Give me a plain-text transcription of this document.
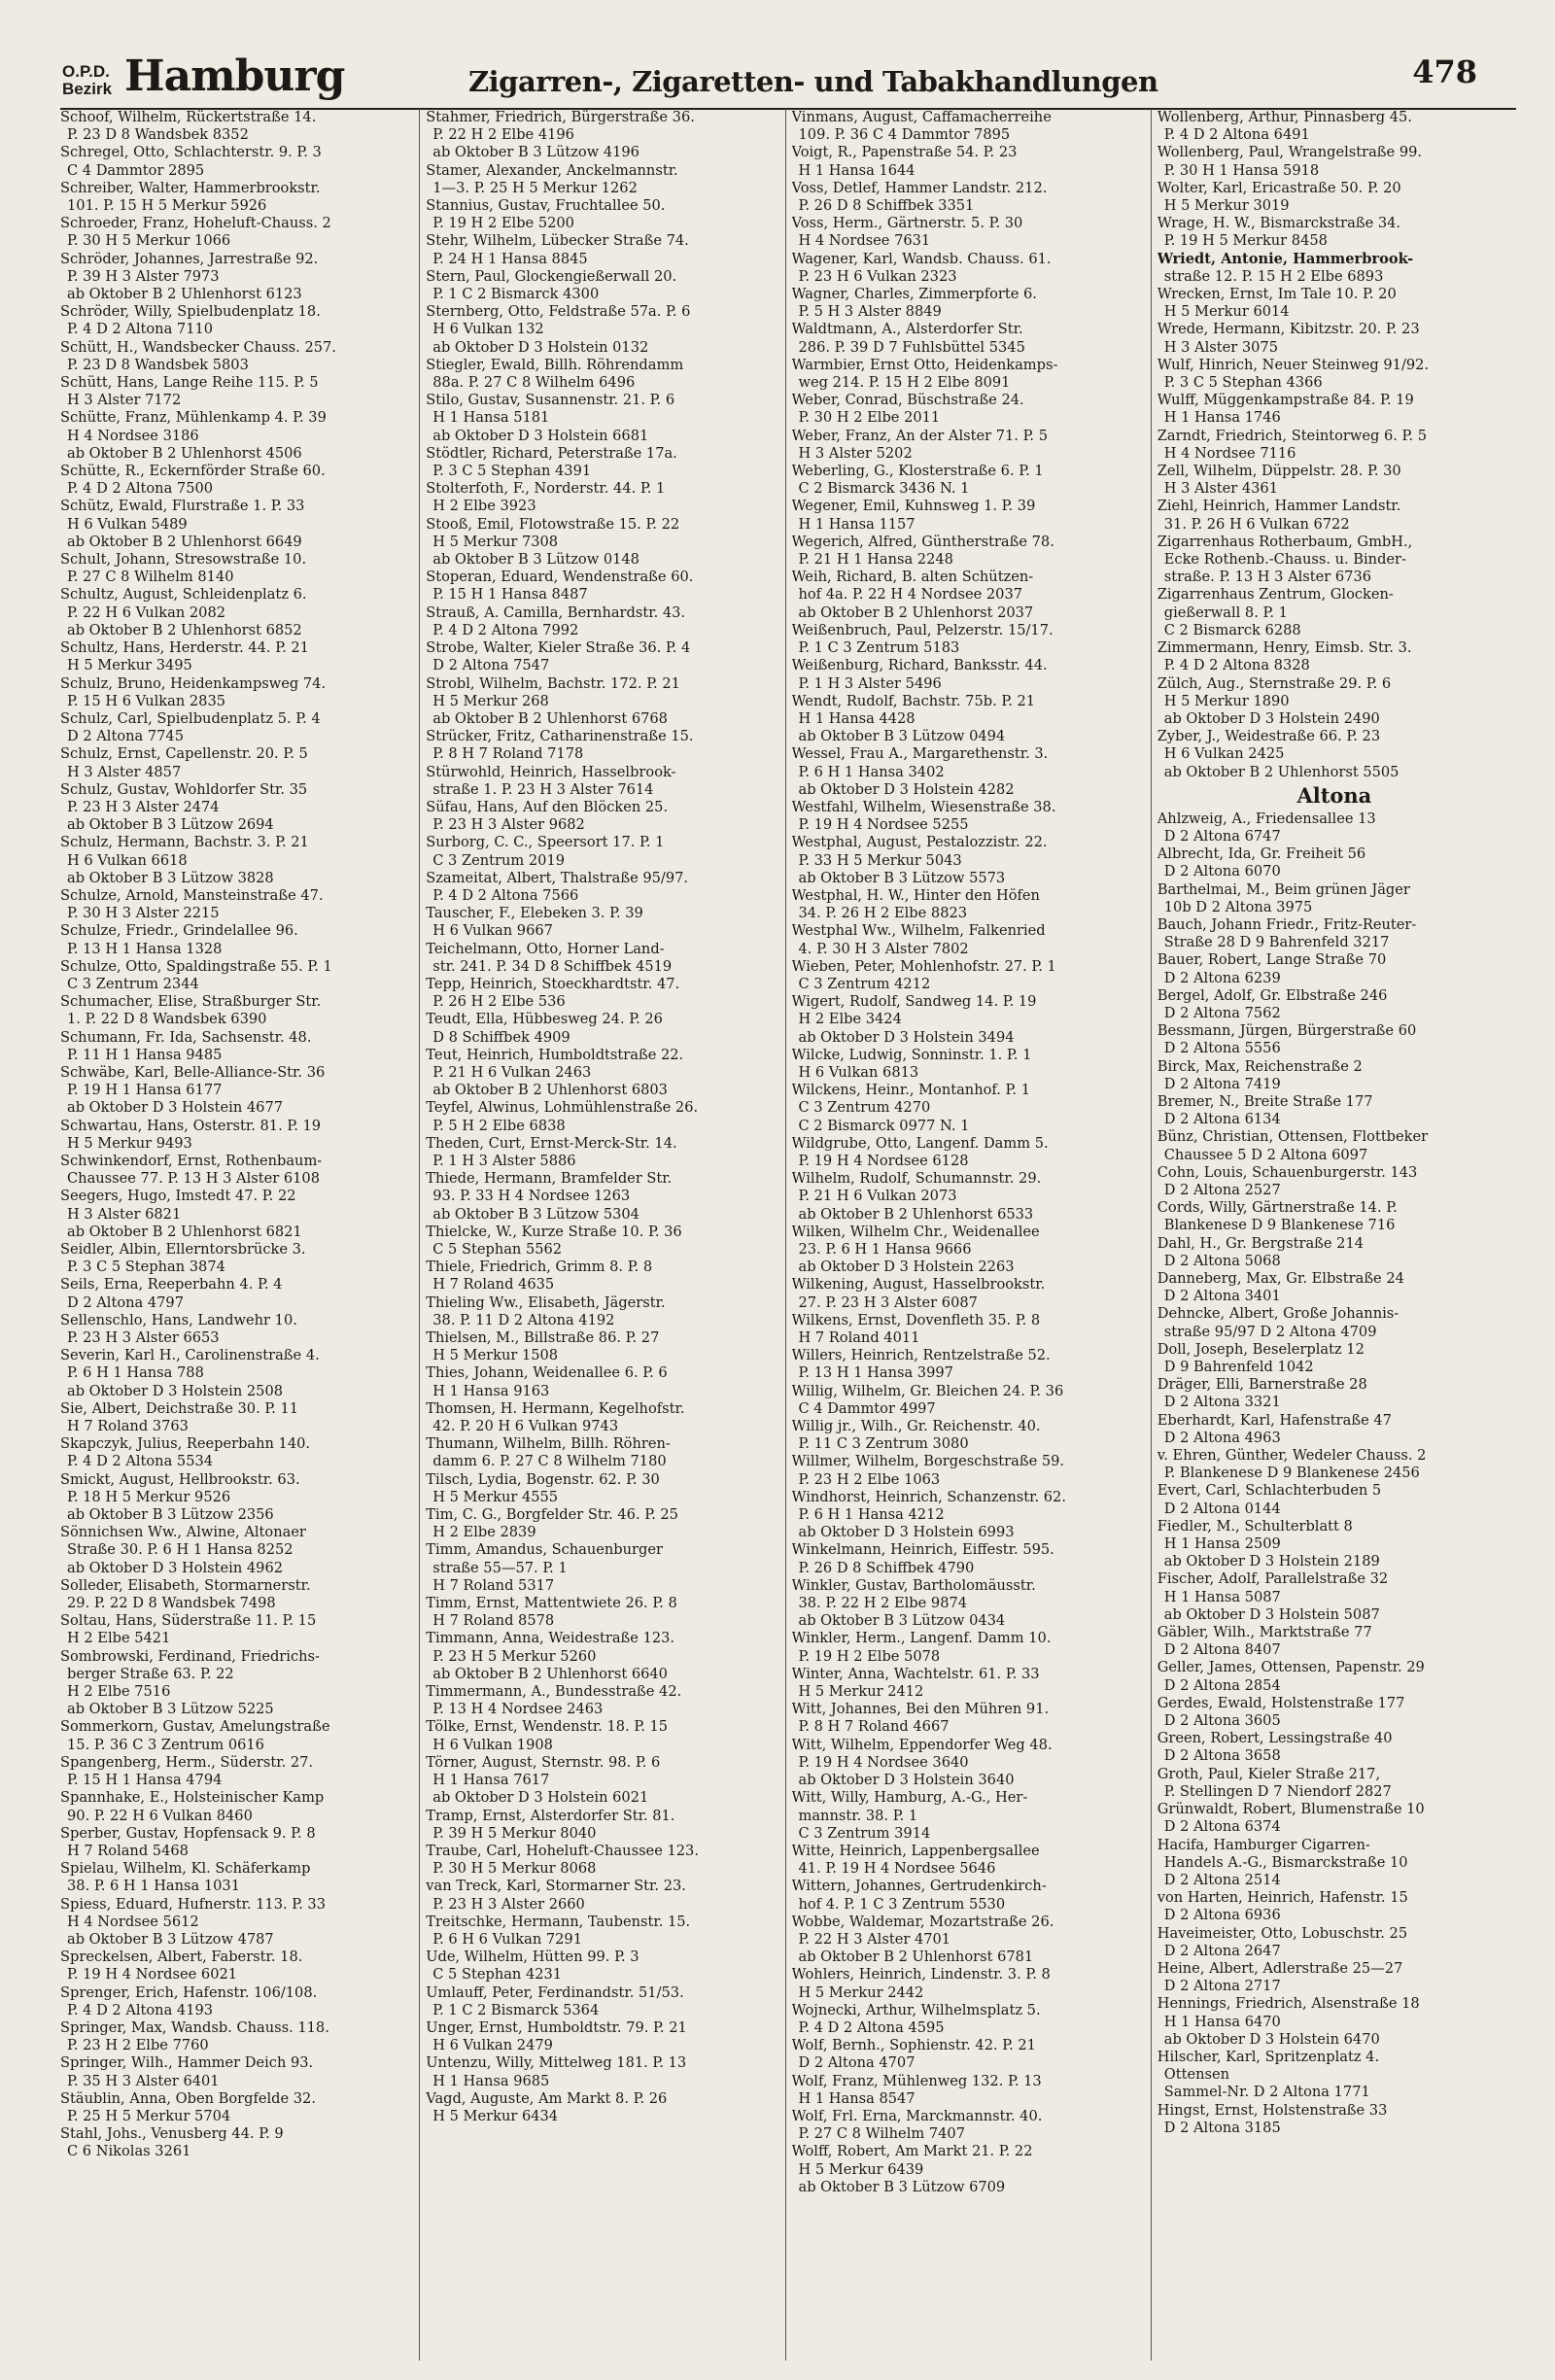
O.P.D.
Bezirk Hamburg	Zigarren-, Zigaretten- und Tabakhandlungen	478
Schoof, Wilhelm, Rückertstraße 14.
P. 23 D 8 Wandsbek 8352
Schregel, Otto, Schlachterstr. 9. P. 3
C 4 Dammtor 2895
Schreiber, Walter, Hammerbrookstr.
101. P. 15 H 5 Merkur 5926
Schroeder, Franz, Hoheluft-Chauss. 2
P. 30 H 5 Merkur 1066
Schröder, Johannes, Jarrestraße 92.
P. 39 H 3 Alster 7973
ab Oktober B 2 Uhlenhorst 6123
Schröder, Willy, Spielbudenplatz 18.
P. 4 D 2 Altona 7110
Schütt, H., Wandsbecker Chauss. 257.
P. 23 D 8 Wandsbek 5803
Schütt, Hans, Lange Reihe 115. P. 5
H 3 Alster 7172
Schütte, Franz, Mühlenkamp 4. P. 39
H 4 Nordsee 3186
ab Oktober B 2 Uhlenhorst 4506
Schütte, R., Eckernförder Straße 60.
P. 4 D 2 Altona 7500
Schütz, Ewald, Flurstraße 1. P. 33
H 6 Vulkan 5489
ab Oktober B 2 Uhlenhorst 6649
Schult, Johann, Stresowstraße 10.
P. 27 C 8 Wilhelm 8140
Schultz, August, Schleidenplatz 6.
P. 22 H 6 Vulkan 2082
ab Oktober B 2 Uhlenhorst 6852
Schultz, Hans, Herderstr. 44. P. 21
H 5 Merkur 3495
Schulz, Bruno, Heidenkampsweg 74.
P. 15 H 6 Vulkan 2835
Schulz, Carl, Spielbudenplatz 5. P. 4
D 2 Altona 7745
Schulz, Ernst, Capellenstr. 20. P. 5
H 3 Alster 4857
Schulz, Gustav, Wohldorfer Str. 35
P. 23 H 3 Alster 2474
ab Oktober B 3 Lützow 2694
Schulz, Hermann, Bachstr. 3. P. 21
H 6 Vulkan 6618
ab Oktober B 3 Lützow 3828
Schulze, Arnold, Mansteinstraße 47.
P. 30 H 3 Alster 2215
Schulze, Friedr., Grindelallee 96.
P. 13 H 1 Hansa 1328
Schulze, Otto, Spaldingstraße 55. P. 1
C 3 Zentrum 2344
Schumacher, Elise, Straßburger Str.
1. P. 22 D 8 Wandsbek 6390
Schumann, Fr. Ida, Sachsenstr. 48.
P. 11 H 1 Hansa 9485
Schwäbe, Karl, Belle-Alliance-Str. 36
P. 19 H 1 Hansa 6177
ab Oktober D 3 Holstein 4677
Schwartau, Hans, Osterstr. 81. P. 19
H 5 Merkur 9493
Schwinkendorf, Ernst, Rothenbaum-
Chaussee 77. P. 13 H 3 Alster 6108
Seegers, Hugo, Imstedt 47. P. 22
H 3 Alster 6821
ab Oktober B 2 Uhlenhorst 6821
Seidler, Albin, Ellerntorsbrücke 3.
P. 3 C 5 Stephan 3874
Seils, Erna, Reeperbahn 4. P. 4
D 2 Altona 4797
Sellenschlo, Hans, Landwehr 10.
P. 23 H 3 Alster 6653
Severin, Karl H., Carolinenstraße 4.
P. 6 H 1 Hansa 788
ab Oktober D 3 Holstein 2508
Sie, Albert, Deichstraße 30. P. 11
H 7 Roland 3763
Skapczyk, Julius, Reeperbahn 140.
P. 4 D 2 Altona 5534
Smickt, August, Hellbrookstr. 63.
P. 18 H 5 Merkur 9526
ab Oktober B 3 Lützow 2356
Sönnichsen Ww., Alwine, Altonaer
Straße 30. P. 6 H 1 Hansa 8252
ab Oktober D 3 Holstein 4962
Solleder, Elisabeth, Stormarnerstr.
29. P. 22 D 8 Wandsbek 7498
Soltau, Hans, Süderstraße 11. P. 15
H 2 Elbe 5421
Sombrowski, Ferdinand, Friedrichs-
berger Straße 63. P. 22
H 2 Elbe 7516
ab Oktober B 3 Lützow 5225
Sommerkorn, Gustav, Amelungstraße
15. P. 36 C 3 Zentrum 0616
Spangenberg, Herm., Süderstr. 27.
P. 15 H 1 Hansa 4794
Spannhake, E., Holsteinischer Kamp
90. P. 22 H 6 Vulkan 8460
Sperber, Gustav, Hopfensack 9. P. 8
H 7 Roland 5468
Spielau, Wilhelm, Kl. Schäferkamp
38. P. 6 H 1 Hansa 1031
Spiess, Eduard, Hufnerstr. 113. P. 33
H 4 Nordsee 5612
ab Oktober B 3 Lützow 4787
Spreckelsen, Albert, Faberstr. 18.
P. 19 H 4 Nordsee 6021
Sprenger, Erich, Hafenstr. 106/108.
P. 4 D 2 Altona 4193
Springer, Max, Wandsb. Chauss. 118.
P. 23 H 2 Elbe 7760
Springer, Wilh., Hammer Deich 93.
P. 35 H 3 Alster 6401
Stäublin, Anna, Oben Borgfelde 32.
P. 25 H 5 Merkur 5704
Stahl, Johs., Venusberg 44. P. 9
C 6 Nikolas 3261
Stahmer, Friedrich, Bürgerstraße 36.
P. 22 H 2 Elbe 4196
ab Oktober B 3 Lützow 4196
Stamer, Alexander, Anckelmannstr.
1—3. P. 25 H 5 Merkur 1262
Stannius, Gustav, Fruchtallee 50.
P. 19 H 2 Elbe 5200
Stehr, Wilhelm, Lübecker Straße 74.
P. 24 H 1 Hansa 8845
Stern, Paul, Glockengießerwall 20.
P. 1 C 2 Bismarck 4300
Sternberg, Otto, Feldstraße 57a. P. 6
H 6 Vulkan 132
ab Oktober D 3 Holstein 0132
Stiegler, Ewald, Billh. Röhrendamm
88a. P. 27 C 8 Wilhelm 6496
Stilo, Gustav, Susannenstr. 21. P. 6
H 1 Hansa 5181
ab Oktober D 3 Holstein 6681
Stödtler, Richard, Peterstraße 17a.
P. 3 C 5 Stephan 4391
Stolterfoth, F., Norderstr. 44. P. 1
H 2 Elbe 3923
Stooß, Emil, Flotowstraße 15. P. 22
H 5 Merkur 7308
ab Oktober B 3 Lützow 0148
Stoperan, Eduard, Wendenstraße 60.
P. 15 H 1 Hansa 8487
Strauß, A. Camilla, Bernhardstr. 43.
P. 4 D 2 Altona 7992
Strobe, Walter, Kieler Straße 36. P. 4
D 2 Altona 7547
Strobl, Wilhelm, Bachstr. 172. P. 21
H 5 Merkur 268
ab Oktober B 2 Uhlenhorst 6768
Strücker, Fritz, Catharinenstraße 15.
P. 8 H 7 Roland 7178
Stürwohld, Heinrich, Hasselbrook-
straße 1. P. 23 H 3 Alster 7614
Süfau, Hans, Auf den Blöcken 25.
P. 23 H 3 Alster 9682
Surborg, C. C., Speersort 17. P. 1
C 3 Zentrum 2019
Szameitat, Albert, Thalstraße 95/97.
P. 4 D 2 Altona 7566
Tauscher, F., Elebeken 3. P. 39
H 6 Vulkan 9667
Teichelmann, Otto, Horner Land-
str. 241. P. 34 D 8 Schiffbek 4519
Tepp, Heinrich, Stoeckhardtstr. 47.
P. 26 H 2 Elbe 536
Teudt, Ella, Hübbesweg 24. P. 26
D 8 Schiffbek 4909
Teut, Heinrich, Humboldtstraße 22.
P. 21 H 6 Vulkan 2463
ab Oktober B 2 Uhlenhorst 6803
Teyfel, Alwinus, Lohmühlenstraße 26.
P. 5 H 2 Elbe 6838
Theden, Curt, Ernst-Merck-Str. 14.
P. 1 H 3 Alster 5886
Thiede, Hermann, Bramfelder Str.
93. P. 33 H 4 Nordsee 1263
ab Oktober B 3 Lützow 5304
Thielcke, W., Kurze Straße 10. P. 36
C 5 Stephan 5562
Thiele, Friedrich, Grimm 8. P. 8
H 7 Roland 4635
Thieling Ww., Elisabeth, Jägerstr.
38. P. 11 D 2 Altona 4192
Thielsen, M., Billstraße 86. P. 27
H 5 Merkur 1508
Thies, Johann, Weidenallee 6. P. 6
H 1 Hansa 9163
Thomsen, H. Hermann, Kegelhofstr.
42. P. 20 H 6 Vulkan 9743
Thumann, Wilhelm, Billh. Röhren-
damm 6. P. 27 C 8 Wilhelm 7180
Tilsch, Lydia, Bogenstr. 62. P. 30
H 5 Merkur 4555
Tim, C. G., Borgfelder Str. 46. P. 25
H 2 Elbe 2839
Timm, Amandus, Schauenburger
straße 55—57. P. 1
H 7 Roland 5317
Timm, Ernst, Mattentwiete 26. P. 8
H 7 Roland 8578
Timmann, Anna, Weidestraße 123.
P. 23 H 5 Merkur 5260
ab Oktober B 2 Uhlenhorst 6640
Timmermann, A., Bundesstraße 42.
P. 13 H 4 Nordsee 2463
Tölke, Ernst, Wendenstr. 18. P. 15
H 6 Vulkan 1908
Törner, August, Sternstr. 98. P. 6
H 1 Hansa 7617
ab Oktober D 3 Holstein 6021
Tramp, Ernst, Alsterdorfer Str. 81.
P. 39 H 5 Merkur 8040
Traube, Carl, Hoheluft-Chaussee 123.
P. 30 H 5 Merkur 8068
van Treck, Karl, Stormarner Str. 23.
P. 23 H 3 Alster 2660
Treitschke, Hermann, Taubenstr. 15.
P. 6 H 6 Vulkan 7291
Ude, Wilhelm, Hütten 99. P. 3
C 5 Stephan 4231
Umlauff, Peter, Ferdinandstr. 51/53.
P. 1 C 2 Bismarck 5364
Unger, Ernst, Humboldtstr. 79. P. 21
H 6 Vulkan 2479
Untenzu, Willy, Mittelweg 181. P. 13
H 1 Hansa 9685
Vagd, Auguste, Am Markt 8. P. 26
H 5 Merkur 6434
Vinmans, August, Caffamacherreihe
109. P. 36 C 4 Dammtor 7895
Voigt, R., Papenstraße 54. P. 23
H 1 Hansa 1644
Voss, Detlef, Hammer Landstr. 212.
P. 26 D 8 Schiffbek 3351
Voss, Herm., Gärtnerstr. 5. P. 30
H 4 Nordsee 7631
Wagener, Karl, Wandsb. Chauss. 61.
P. 23 H 6 Vulkan 2323
Wagner, Charles, Zimmerpforte 6.
P. 5 H 3 Alster 8849
Waldtmann, A., Alsterdorfer Str.
286. P. 39 D 7 Fuhlsbüttel 5345
Warmbier, Ernst Otto, Heidenkamps-
weg 214. P. 15 H 2 Elbe 8091
Weber, Conrad, Büschstraße 24.
P. 30 H 2 Elbe 2011
Weber, Franz, An der Alster 71. P. 5
H 3 Alster 5202
Weberling, G., Klosterstraße 6. P. 1
C 2 Bismarck 3436 N. 1
Wegener, Emil, Kuhnsweg 1. P. 39
H 1 Hansa 1157
Wegerich, Alfred, Güntherstraße 78.
P. 21 H 1 Hansa 2248
Weih, Richard, B. alten Schützen-
hof 4a. P. 22 H 4 Nordsee 2037
ab Oktober B 2 Uhlenhorst 2037
Weißenbruch, Paul, Pelzerstr. 15/17.
P. 1 C 3 Zentrum 5183
Weißenburg, Richard, Banksstr. 44.
P. 1 H 3 Alster 5496
Wendt, Rudolf, Bachstr. 75b. P. 21
H 1 Hansa 4428
ab Oktober B 3 Lützow 0494
Wessel, Frau A., Margarethenstr. 3.
P. 6 H 1 Hansa 3402
ab Oktober D 3 Holstein 4282
Westfahl, Wilhelm, Wiesenstraße 38.
P. 19 H 4 Nordsee 5255
Westphal, August, Pestalozzistr. 22.
P. 33 H 5 Merkur 5043
ab Oktober B 3 Lützow 5573
Westphal, H. W., Hinter den Höfen
34. P. 26 H 2 Elbe 8823
Westphal Ww., Wilhelm, Falkenried
4. P. 30 H 3 Alster 7802
Wieben, Peter, Mohlenhofstr. 27. P. 1
C 3 Zentrum 4212
Wigert, Rudolf, Sandweg 14. P. 19
H 2 Elbe 3424
ab Oktober D 3 Holstein 3494
Wilcke, Ludwig, Sonninstr. 1. P. 1
H 6 Vulkan 6813
Wilckens, Heinr., Montanhof. P. 1
C 3 Zentrum 4270
C 2 Bismarck 0977 N. 1
Wildgrube, Otto, Langenf. Damm 5.
P. 19 H 4 Nordsee 6128
Wilhelm, Rudolf, Schumannstr. 29.
P. 21 H 6 Vulkan 2073
ab Oktober B 2 Uhlenhorst 6533
Wilken, Wilhelm Chr., Weidenallee
23. P. 6 H 1 Hansa 9666
ab Oktober D 3 Holstein 2263
Wilkening, August, Hasselbrookstr.
27. P. 23 H 3 Alster 6087
Wilkens, Ernst, Dovenfleth 35. P. 8
H 7 Roland 4011
Willers, Heinrich, Rentzelstraße 52.
P. 13 H 1 Hansa 3997
Willig, Wilhelm, Gr. Bleichen 24. P. 36
C 4 Dammtor 4997
Willig jr., Wilh., Gr. Reichenstr. 40.
P. 11 C 3 Zentrum 3080
Willmer, Wilhelm, Borgeschstraße 59.
P. 23 H 2 Elbe 1063
Windhorst, Heinrich, Schanzenstr. 62.
P. 6 H 1 Hansa 4212
ab Oktober D 3 Holstein 6993
Winkelmann, Heinrich, Eiffestr. 595.
P. 26 D 8 Schiffbek 4790
Winkler, Gustav, Bartholomäusstr.
38. P. 22 H 2 Elbe 9874
ab Oktober B 3 Lützow 0434
Winkler, Herm., Langenf. Damm 10.
P. 19 H 2 Elbe 5078
Winter, Anna, Wachtelstr. 61. P. 33
H 5 Merkur 2412
Witt, Johannes, Bei den Mühren 91.
P. 8 H 7 Roland 4667
Witt, Wilhelm, Eppendorfer Weg 48.
P. 19 H 4 Nordsee 3640
ab Oktober D 3 Holstein 3640
Witt, Willy, Hamburg, A.-G., Her-
mannstr. 38. P. 1
C 3 Zentrum 3914
Witte, Heinrich, Lappenbergsallee
41. P. 19 H 4 Nordsee 5646
Wittern, Johannes, Gertrudenkirch-
hof 4. P. 1 C 3 Zentrum 5530
Wobbe, Waldemar, Mozartstraße 26.
P. 22 H 3 Alster 4701
ab Oktober B 2 Uhlenhorst 6781
Wohlers, Heinrich, Lindenstr. 3. P. 8
H 5 Merkur 2442
Wojnecki, Arthur, Wilhelmsplatz 5.
P. 4 D 2 Altona 4595
Wolf, Bernh., Sophienstr. 42. P. 21
D 2 Altona 4707
Wolf, Franz, Mühlenweg 132. P. 13
H 1 Hansa 8547
Wolf, Frl. Erna, Marckmannstr. 40.
P. 27 C 8 Wilhelm 7407
Wolff, Robert, Am Markt 21. P. 22
H 5 Merkur 6439
ab Oktober B 3 Lützow 6709
Wollenberg, Arthur, Pinnasberg 45.
P. 4 D 2 Altona 6491
Wollenberg, Paul, Wrangelstraße 99.
P. 30 H 1 Hansa 5918
Wolter, Karl, Ericastraße 50. P. 20
H 5 Merkur 3019
Wrage, H. W., Bismarckstraße 34.
P. 19 H 5 Merkur 8458
Wriedt, Antonie, Hammerbrook-
straße 12. P. 15 H 2 Elbe 6893
Wrecken, Ernst, Im Tale 10. P. 20
H 5 Merkur 6014
Wrede, Hermann, Kibitzstr. 20. P. 23
H 3 Alster 3075
Wulf, Hinrich, Neuer Steinweg 91/92.
P. 3 C 5 Stephan 4366
Wulff, Müggenkampstraße 84. P. 19
H 1 Hansa 1746
Zarndt, Friedrich, Steintorweg 6. P. 5
H 4 Nordsee 7116
Zell, Wilhelm, Düppelstr. 28. P. 30
H 3 Alster 4361
Ziehl, Heinrich, Hammer Landstr.
31. P. 26 H 6 Vulkan 6722
Zigarrenhaus Rotherbaum, GmbH.,
Ecke Rothenb.-Chauss. u. Binder-
straße. P. 13 H 3 Alster 6736
Zigarrenhaus Zentrum, Glocken-
gießerwall 8. P. 1
C 2 Bismarck 6288
Zimmermann, Henry, Eimsb. Str. 3.
P. 4 D 2 Altona 8328
Zülch, Aug., Sternstraße 29. P. 6
H 5 Merkur 1890
ab Oktober D 3 Holstein 2490
Zyber, J., Weidestraße 66. P. 23
H 6 Vulkan 2425
ab Oktober B 2 Uhlenhorst 5505
Altona
Ahlzweig, A., Friedensallee 13
D 2 Altona 6747
Albrecht, Ida, Gr. Freiheit 56
D 2 Altona 6070
Barthelmai, M., Beim grünen Jäger
10b D 2 Altona 3975
Bauch, Johann Friedr., Fritz-Reuter-
Straße 28 D 9 Bahrenfeld 3217
Bauer, Robert, Lange Straße 70
D 2 Altona 6239
Bergel, Adolf, Gr. Elbstraße 246
D 2 Altona 7562
Bessmann, Jürgen, Bürgerstraße 60
D 2 Altona 5556
Birck, Max, Reichenstraße 2
D 2 Altona 7419
Bremer, N., Breite Straße 177
D 2 Altona 6134
Bünz, Christian, Ottensen, Flottbeker
Chaussee 5 D 2 Altona 6097
Cohn, Louis, Schauenburgerstr. 143
D 2 Altona 2527
Cords, Willy, Gärtnerstraße 14. P.
Blankenese D 9 Blankenese 716
Dahl, H., Gr. Bergstraße 214
D 2 Altona 5068
Danneberg, Max, Gr. Elbstraße 24
D 2 Altona 3401
Dehncke, Albert, Große Johannis-
straße 95/97 D 2 Altona 4709
Doll, Joseph, Beselerplatz 12
D 9 Bahrenfeld 1042
Dräger, Elli, Barnerstraße 28
D 2 Altona 3321
Eberhardt, Karl, Hafenstraße 47
D 2 Altona 4963
v. Ehren, Günther, Wedeler Chauss. 2
P. Blankenese D 9 Blankenese 2456
Evert, Carl, Schlachterbuden 5
D 2 Altona 0144
Fiedler, M., Schulterblatt 8
H 1 Hansa 2509
ab Oktober D 3 Holstein 2189
Fischer, Adolf, Parallelstraße 32
H 1 Hansa 5087
ab Oktober D 3 Holstein 5087
Gäbler, Wilh., Marktstraße 77
D 2 Altona 8407
Geller, James, Ottensen, Papenstr. 29
D 2 Altona 2854
Gerdes, Ewald, Holstenstraße 177
D 2 Altona 3605
Green, Robert, Lessingstraße 40
D 2 Altona 3658
Groth, Paul, Kieler Straße 217,
P. Stellingen D 7 Niendorf 2827
Grünwaldt, Robert, Blumenstraße 10
D 2 Altona 6374
Hacifa, Hamburger Cigarren-
Handels A.-G., Bismarckstraße 10
D 2 Altona 2514
von Harten, Heinrich, Hafenstr. 15
D 2 Altona 6936
Haveimeister, Otto, Lobuschstr. 25
D 2 Altona 2647
Heine, Albert, Adlerstraße 25—27
D 2 Altona 2717
Hennings, Friedrich, Alsenstraße 18
H 1 Hansa 6470
ab Oktober D 3 Holstein 6470
Hilscher, Karl, Spritzenplatz 4.
Ottensen
Sammel-Nr. D 2 Altona 1771
Hingst, Ernst, Holstenstraße 33
D 2 Altona 3185
